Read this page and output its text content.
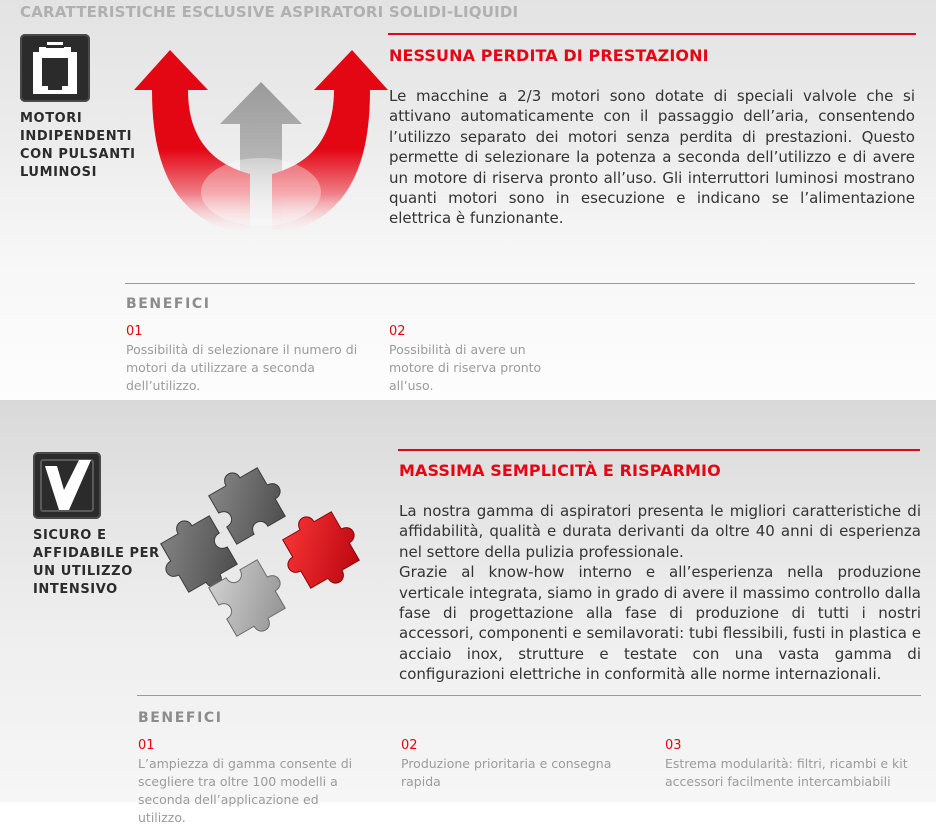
CARATTERISTICHE ESCLUSIVE ASPIRATORI SOLIDI-LIQUIDI
MOTORI
INDIPENDENTI
CON PULSANTI
LUMINOSI
NESSUNA PERDITA DI PRESTAZIONI

Le macchine a 2/3 motori sono dotate di speciali valvole che si attivano automaticamente con il passaggio dell’aria, consentendo l’utilizzo separato dei motori senza perdita di prestazioni. Questo permette di selezionare la potenza a seconda dell’utilizzo e di avere un motore di riserva pronto all’uso. Gli interruttori luminosi mostrano quanti motori sono in esecuzione e indicano se l’alimentazione elettrica è funzionante.

BENEFICI
01
Possibilità di selezionare il numero di motori da utilizzare a seconda dell’utilizzo.
02
Possibilità di avere un motore di riserva pronto all’uso.
SICURO E
AFFIDABILE PER
UN UTILIZZO
INTENSIVO
MASSIMA SEMPLICITÀ E RISPARMIO

La nostra gamma di aspiratori presenta le migliori caratteristiche di affidabilità, qualità e durata derivanti da oltre 40 anni di esperienza nel settore della pulizia professionale.

Grazie al know-how interno e all’esperienza nella produzione verticale integrata, siamo in grado di avere il massimo controllo dalla fase di progettazione alla fase di produzione di tutti i nostri accessori, componenti e semilavorati: tubi flessibili, fusti in plastica e acciaio inox, strutture e testate con una vasta gamma di configurazioni elettriche in conformità alle norme internazionali.

BENEFICI
01
L’ampiezza di gamma consente di scegliere tra oltre 100 modelli a seconda dell’applicazione ed utilizzo.
02
Produzione prioritaria e consegna rapida
03
Estrema modularità: filtri, ricambi e kit accessori facilmente intercambiabili
